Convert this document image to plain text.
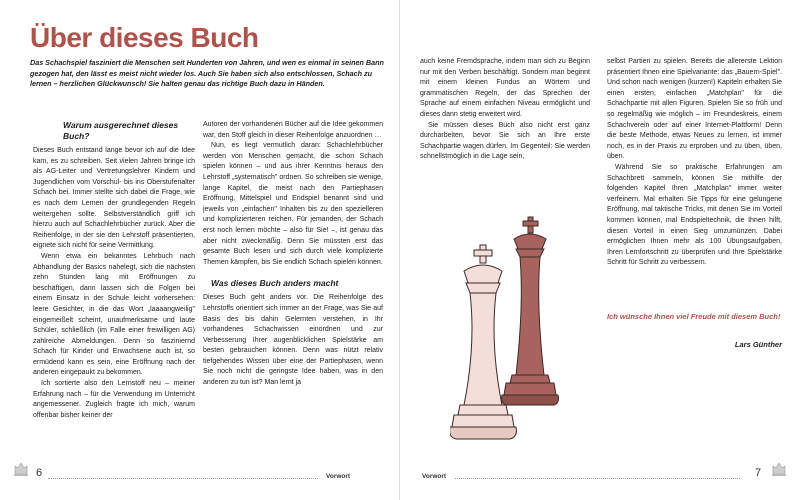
Über dieses Buch

Das Schachspiel fasziniert die Menschen seit Hunderten von Jahren, und wen es einmal in seinen Bann gezogen hat, den lässt es meist nicht wieder los. Auch Sie haben sich also entschlossen, Schach zu lernen – herzlichen Glückwunsch! Sie halten genau das richtige Buch dazu in Händen.

Warum ausgerechnet dieses Buch?

Dieses Buch entstand lange bevor ich auf die Idee kam, es zu schreiben. Seit vielen Jahren bringe ich als AG-Leiter und Vertretungslehrer Kindern und Jugendlichen vom Vorschul- bis ins Oberstufenalter Schach bei. Immer stellte sich dabei die Frage, wie es nach dem Lernen der grundlegenden Regeln weitergehen sollte. Selbstverständlich griff ich hierzu auch auf Schachlehrbücher zurück. Aber die Reihenfolge, in der sie den Lehrstoff präsentierten, eignete sich nicht für seine Vermittlung.

Wenn etwa ein bekanntes Lehrbuch nach Abhandlung der Basics nahelegt, sich die nächsten zehn Stunden lang mit Eröffnungen zu beschäftigen, dann lassen sich die Folgen bei einem Einsatz in der Schule leicht vorhersehen: leere Gesichter, in die das Wort „laaaangweilig" eingemeißelt scheint, unaufmerksame und laute Schüler, schließlich (im Falle einer freiwilligen AG) zahlreiche Abmeldungen. Denn so fasziniernd Schach für Kinder und Erwachsene auch ist, so ermüdend kann es sein, eine Eröffnung nach der anderen eingepaukt zu bekommen.

Ich sortierte also den Lernstoff neu – meiner Erfahrung nach – für die Verwendung im Unterricht angemessener. Zugleich fragte ich mich, warum offenbar bisher keiner der

Autoren der vorhandenen Bücher auf die Idee gekommen war, den Stoff gleich in dieser Reihenfolge anzuordnen …

Nun, es liegt vermutlich daran: Schachlehrbücher werden von Menschen gemacht, die schon Schach spielen können – und aus ihrer Kenntnis heraus den Lehrstoff „systematisch" ordnen. So schreiben sie wenige, lange Kapitel, die meist nach den Partiephasen Eröffnung, Mittelspiel und Endspiel benannt sind und jeweils von „einfachen" Inhalten bis zu den spezielleren und komplizierteren reichen. Für jemanden, der Schach erst noch lernen möchte – also für Sie! –, ist genau das aber nicht zweckmäßig. Denn Sie müssten erst das gesamte Buch lesen und sich durch viele komplizierte Themen kämpfen, bis Sie endlich Schach spielen können.

Was dieses Buch anders macht

Dieses Buch geht anders vor. Die Reihenfolge des Lehrstoffs orientiert sich immer an der Frage, was Sie auf Basis des bis dahin Gelernten verstehen, in Ihr vorhandenes Schachwissen einordnen und zur Verbesserung Ihrer augenblicklichen Spielstärke am besten gebrauchen können. Denn was nützt relativ tiefgehendes Wissen über eine der Partiephasen, wenn Sie noch nicht die geringste Idee haben, was in den anderen zu tun ist? Man lernt ja

6	Vorwort

auch keine Fremdsprache, indem man sich zu Beginn nur mit den Verben beschäftigt. Sondern man beginnt mit einem kleinen Fundus an Wörtern und grammatischen Regeln, der das Sprechen der Sprache auf einem einfachen Niveau ermöglicht und dieses dann stetig erweitert wird.

Sie müssen dieses Buch also nicht erst ganz durcharbeiten, bevor Sie sich an Ihre erste Schachpartie wagen dürfen. Im Gegenteil: Sie werden schnellstmöglich in die Lage sein,

selbst Partien zu spielen. Bereits die allererste Lektion präsentiert Ihnen eine Spielvariante: das „Bauern-Spiel". Und schon nach wenigen (kurzen!) Kapiteln erhalten Sie einen ersten, einfachen „Matchplan" für die Schachpartie mit allen Figuren. Spielen Sie so früh und so regelmäßig wie möglich – im Freundeskreis, einem Schachverein oder auf einer Internet-Plattform! Denn die beste Methode, etwas Neues zu lernen, ist immer noch, es in der Praxis zu erproben und zu üben, üben, üben.

Während Sie so praktische Erfahrungen am Schachbrett sammeln, können Sie mithilfe der folgenden Kapitel Ihren „Matchplan" immer weiter verfeinern. Mal erhalten Sie Tipps für eine gelungene Eröffnung, mal taktische Tricks, mit denen Sie im Vorteil kommen können, mal Endspieltechnik, die Ihnen hilft, diesen Vorteil in einen Sieg umzumünzen. Dabei ermöglichen Ihnen mehr als 100 Übungsaufgaben, Ihren Lernfortschritt zu überprüfen und Ihre Spielstärke Schritt für Schritt zu verbessern.

Ich wünsche Ihnen viel Freude mit diesem Buch!

Lars Günther

Vorwort	7
